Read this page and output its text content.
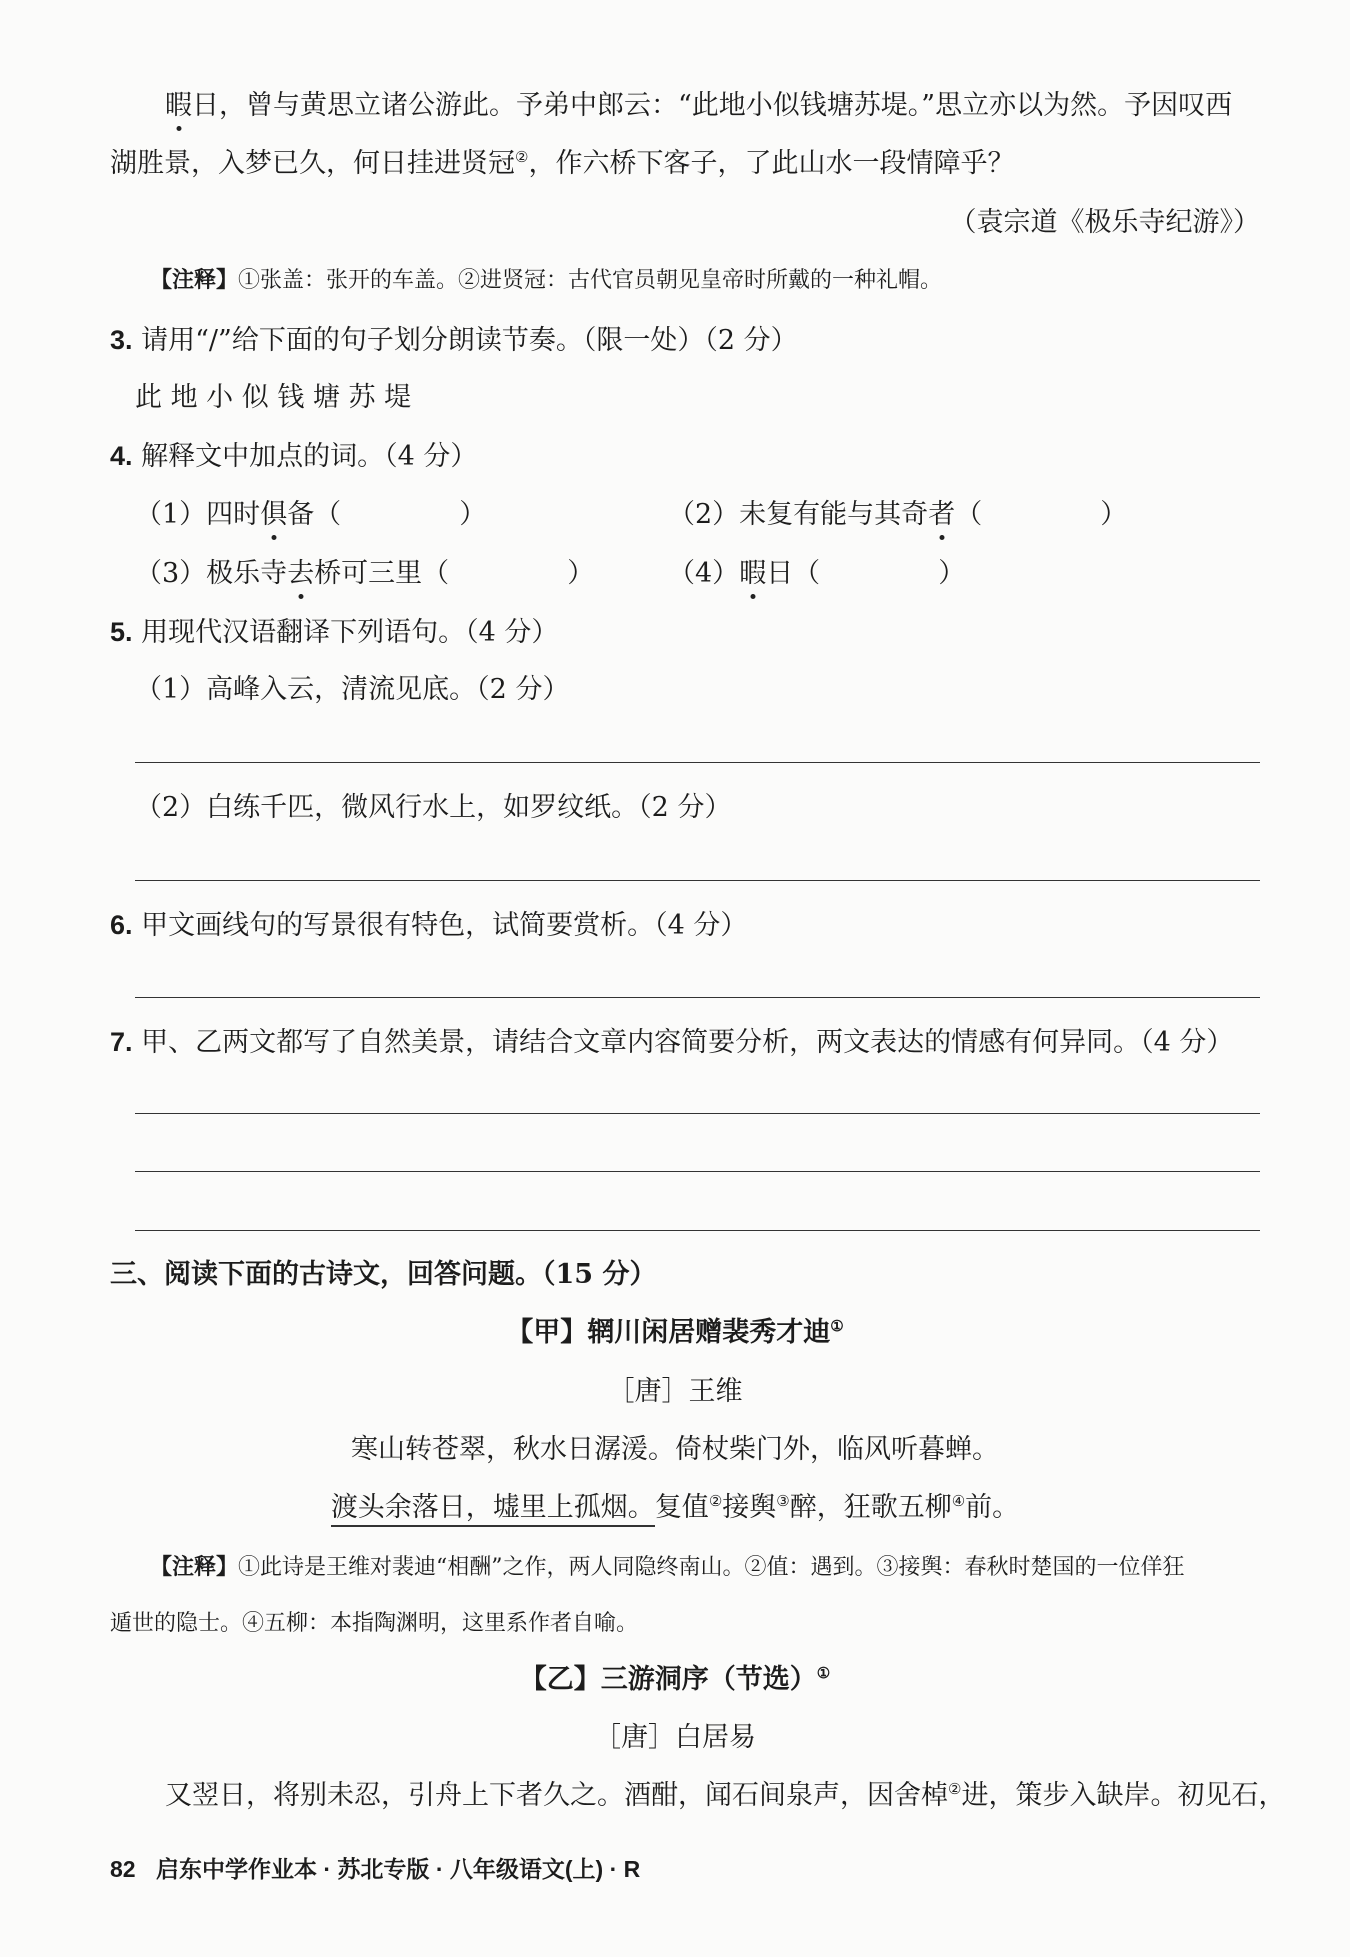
暇日，曾与黄思立诸公游此。予弟中郎云：“此地小似钱塘苏堤。”思立亦以为然。予因叹西
湖胜景，入梦已久，何日挂进贤冠②，作六桥下客子，了此山水一段情障乎？
（袁宗道《极乐寺纪游》）
【注释】①张盖：张开的车盖。②进贤冠：古代官员朝见皇帝时所戴的一种礼帽。
3. 请用“/”给下面的句子划分朗读节奏。（限一处）（2 分）
此 地 小 似 钱 塘 苏 堤
4. 解释文中加点的词。（4 分）
（1）四时俱备（	）	（2）未复有能与其奇者（	）
（3）极乐寺去桥可三里（	）	（4）暇日（	）
5. 用现代汉语翻译下列语句。（4 分）
（1）高峰入云，清流见底。（2 分）
（2）白练千匹，微风行水上，如罗纹纸。（2 分）
6. 甲文画线句的写景很有特色，试简要赏析。（4 分）
7. 甲、乙两文都写了自然美景，请结合文章内容简要分析，两文表达的情感有何异同。（4 分）
三、阅读下面的古诗文，回答问题。（15 分）
【甲】辋川闲居赠裴秀才迪①
［唐］王维
寒山转苍翠，秋水日潺湲。倚杖柴门外，临风听暮蝉。
渡头余落日，墟里上孤烟。复值②接舆③醉，狂歌五柳④前。
【注释】①此诗是王维对裴迪“相酬”之作，两人同隐终南山。②值：遇到。③接舆：春秋时楚国的一位佯狂
遁世的隐士。④五柳：本指陶渊明，这里系作者自喻。
【乙】三游洞序（节选）①
［唐］白居易
又翌日，将别未忍，引舟上下者久之。酒酣，闻石间泉声，因舍棹②进，策步入缺岸。初见石，
82 启东中学作业本 · 苏北专版 · 八年级语文(上) · R
